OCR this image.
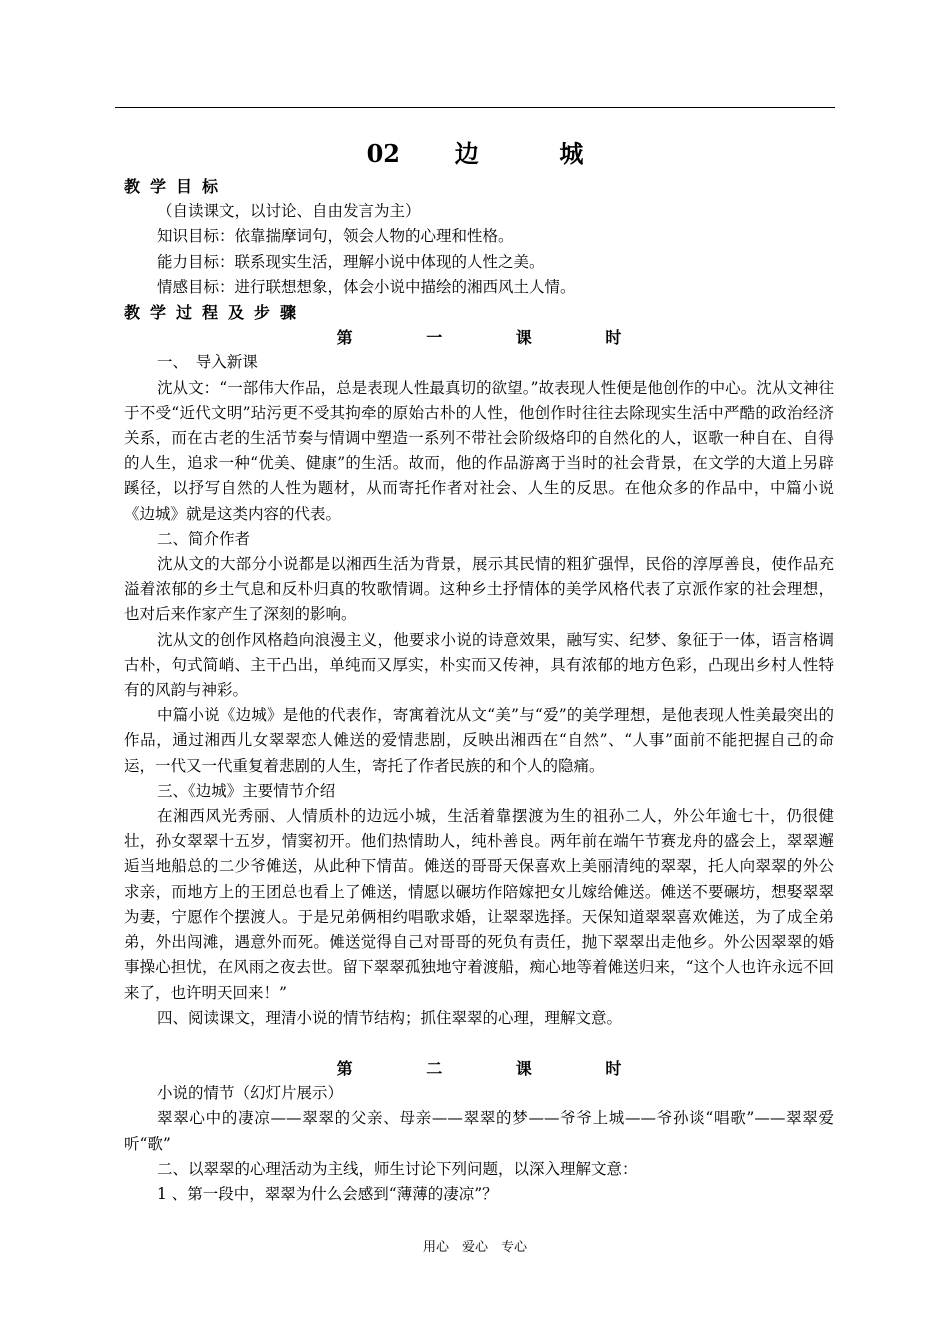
02 边	城
教学目标
（自读课文，以讨论、自由发言为主）
知识目标：依靠揣摩词句，领会人物的心理和性格。
能力目标：联系现实生活，理解小说中体现的人性之美。
情感目标：进行联想想象，体会小说中描绘的湘西风土人情。
教学过程及步骤
第	一	课	时
一、　导入新课
沈从文：“一部伟大作品，总是表现人性最真切的欲望。”故表现人性便是他创作的中心。沈从文神往于不受“近代文明”玷污更不受其拘牵的原始古朴的人性，他创作时往往去除现实生活中严酷的政治经济关系，而在古老的生活节奏与情调中塑造一系列不带社会阶级烙印的自然化的人，讴歌一种自在、自得的人生，追求一种“优美、健康”的生活。故而，他的作品游离于当时的社会背景，在文学的大道上另辟蹊径，以抒写自然的人性为题材，从而寄托作者对社会、人生的反思。在他众多的作品中，中篇小说《边城》就是这类内容的代表。
二、简介作者
沈从文的大部分小说都是以湘西生活为背景，展示其民情的粗犷强悍，民俗的淳厚善良，使作品充溢着浓郁的乡土气息和反朴归真的牧歌情调。这种乡土抒情体的美学风格代表了京派作家的社会理想，也对后来作家产生了深刻的影响。
沈从文的创作风格趋向浪漫主义，他要求小说的诗意效果，融写实、纪梦、象征于一体，语言格调古朴，句式简峭、主干凸出，单纯而又厚实，朴实而又传神，具有浓郁的地方色彩，凸现出乡村人性特有的风韵与神彩。
中篇小说《边城》是他的代表作，寄寓着沈从文“美”与“爱”的美学理想，是他表现人性美最突出的作品，通过湘西儿女翠翠恋人傩送的爱情悲剧，反映出湘西在“自然”、“人事”面前不能把握自己的命运，一代又一代重复着悲剧的人生，寄托了作者民族的和个人的隐痛。
三、《边城》主要情节介绍
在湘西风光秀丽、人情质朴的边远小城，生活着靠摆渡为生的祖孙二人，外公年逾七十，仍很健壮，孙女翠翠十五岁，情窦初开。他们热情助人，纯朴善良。两年前在端午节赛龙舟的盛会上，翠翠邂逅当地船总的二少爷傩送，从此种下情苗。傩送的哥哥天保喜欢上美丽清纯的翠翠，托人向翠翠的外公求亲，而地方上的王团总也看上了傩送，情愿以碾坊作陪嫁把女儿嫁给傩送。傩送不要碾坊，想娶翠翠为妻，宁愿作个摆渡人。于是兄弟俩相约唱歌求婚，让翠翠选择。天保知道翠翠喜欢傩送，为了成全弟弟，外出闯滩，遇意外而死。傩送觉得自己对哥哥的死负有责任，抛下翠翠出走他乡。外公因翠翠的婚事操心担忧，在风雨之夜去世。留下翠翠孤独地守着渡船，痴心地等着傩送归来，“这个人也许永远不回来了，也许明天回来！”
四、阅读课文，理清小说的情节结构；抓住翠翠的心理，理解文意。
第	二	课	时
小说的情节（幻灯片展示）
翠翠心中的凄凉——翠翠的父亲、母亲——翠翠的梦——爷爷上城——爷孙谈“唱歌”——翠翠爱听“歌”
二、以翠翠的心理活动为主线，师生讨论下列问题，以深入理解文意：
1 、第一段中，翠翠为什么会感到“薄薄的凄凉”？
用心　爱心　专心
